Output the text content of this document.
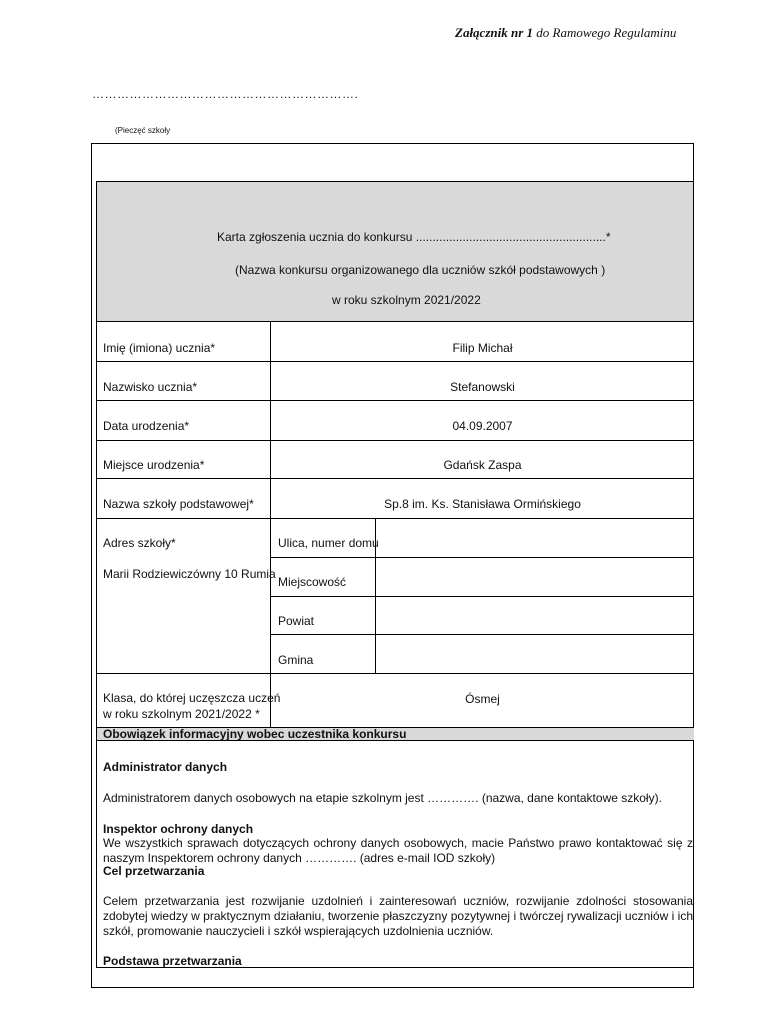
Załącznik nr 1 do Ramowego Regulaminu
……………………………………………………….
(Pieczęć szkoły
Karta zgłoszenia ucznia do konkursu .........................................................*
(Nazwa konkursu organizowanego dla uczniów szkół podstawowych )
w roku szkolnym 2021/2022
Imię (imiona) ucznia*
Nazwisko ucznia*
Data urodzenia*
Miejsce urodzenia*
Nazwa szkoły podstawowej*
Filip Michał
Stefanowski
04.09.2007
Gdańsk Zaspa
Sp.8 im. Ks. Stanisława Ormińskiego
Adres szkoły*
Marii Rodziewiczówny 10 Rumia
Ulica, numer domu
Miejscowość
Powiat
Gmina
Klasa, do której uczęszcza uczeń
w roku szkolnym 2021/2022 *
Ósmej
Obowiązek informacyjny wobec uczestnika konkursu
Administrator danych
Administratorem danych osobowych na etapie szkolnym jest …………. (nazwa, dane kontaktowe szkoły).
Inspektor ochrony danych
We wszystkich sprawach dotyczących ochrony danych osobowych, macie Państwo prawo kontaktować się z naszym Inspektorem ochrony danych …………. (adres e-mail IOD szkoły)
Cel przetwarzania
Celem przetwarzania jest rozwijanie uzdolnień i zainteresowań uczniów, rozwijanie zdolności stosowania zdobytej wiedzy w praktycznym działaniu, tworzenie płaszczyzny pozytywnej i twórczej rywalizacji uczniów i ich szkół, promowanie nauczycieli i szkół wspierających uzdolnienia uczniów.
Podstawa przetwarzania
